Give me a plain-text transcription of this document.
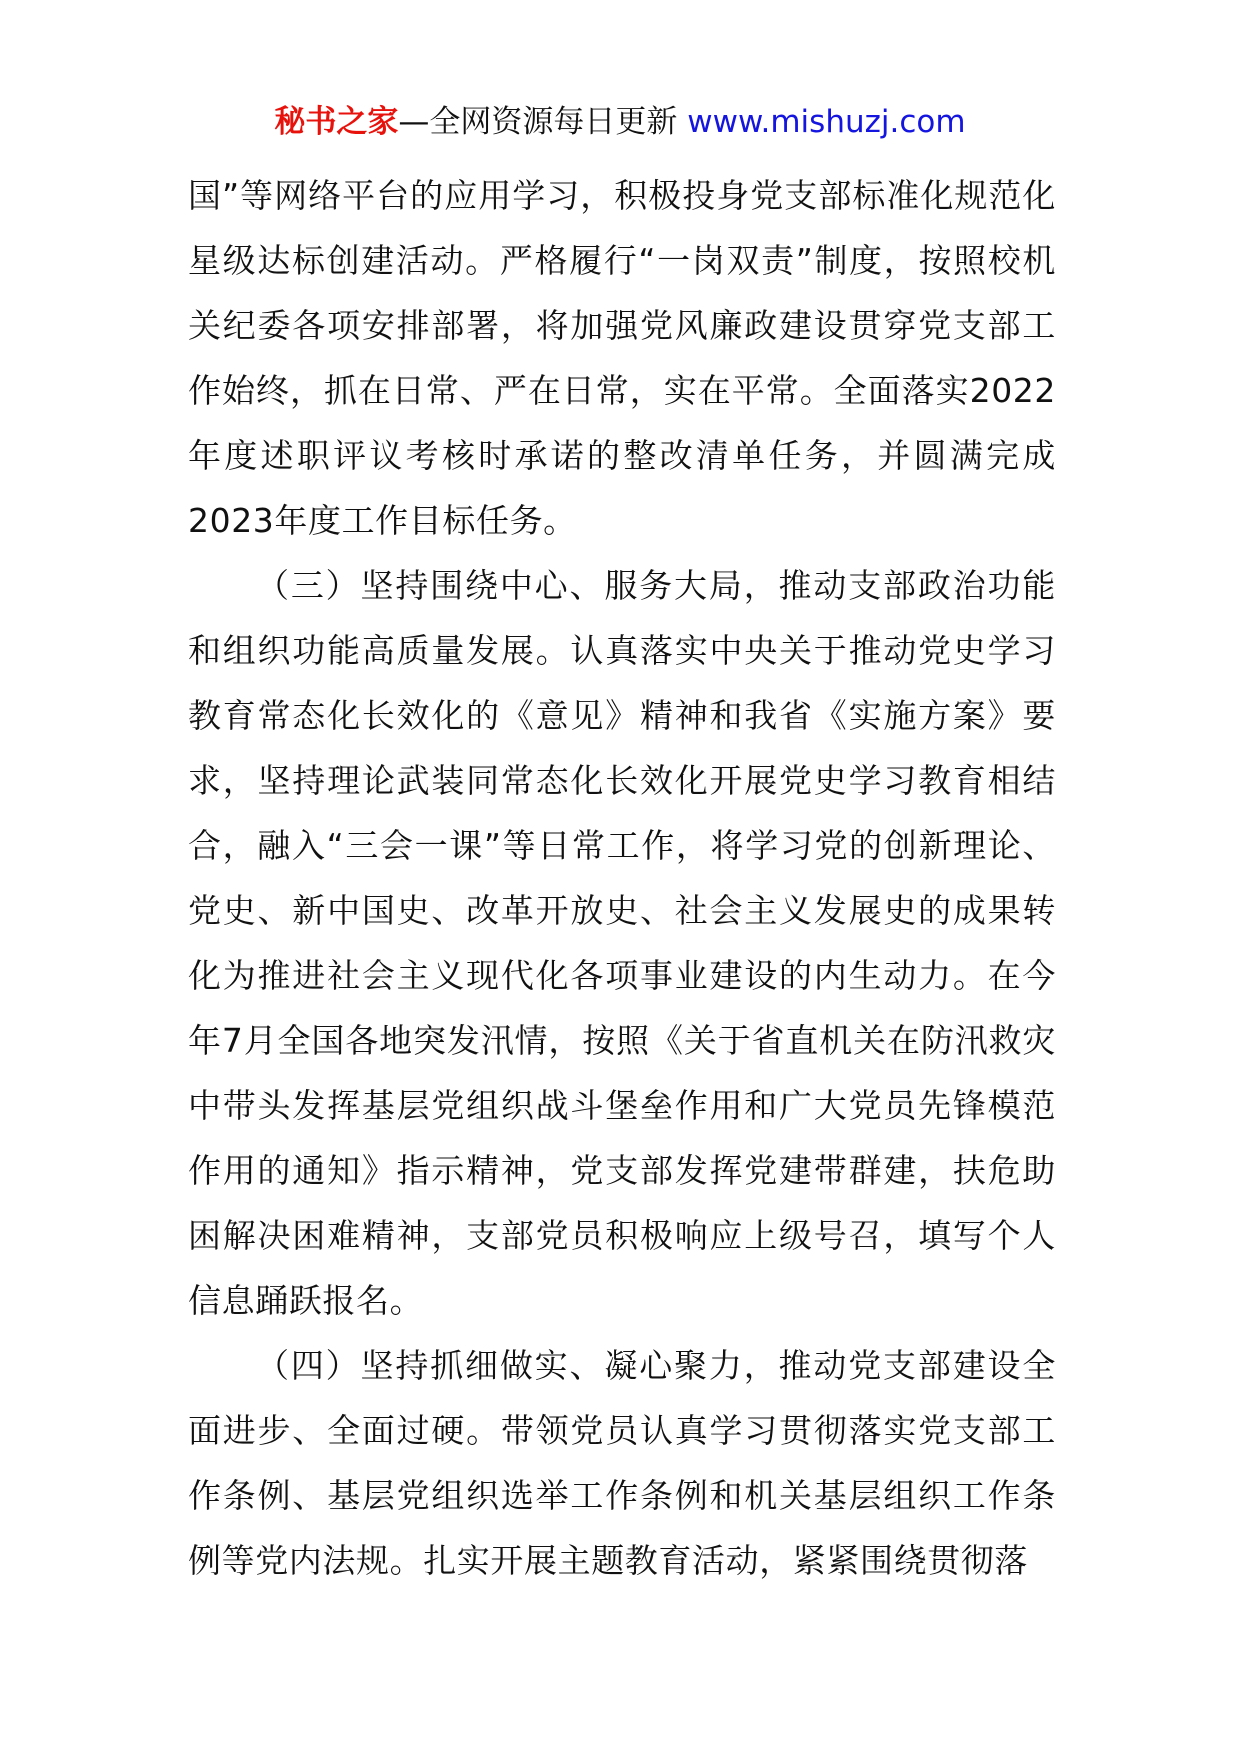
秘书之家—全网资源每日更新 www.mishuzj.com

国”等网络平台的应用学习，积极投身党支部标准化规范化星级达标创建活动。严格履行“一岗双责”制度，按照校机关纪委各项安排部署，将加强党风廉政建设贯穿党支部工作始终，抓在日常、严在日常，实在平常。全面落实2022年度述职评议考核时承诺的整改清单任务，并圆满完成2023年度工作目标任务。

（三）坚持围绕中心、服务大局，推动支部政治功能和组织功能高质量发展。认真落实中央关于推动党史学习教育常态化长效化的《意见》精神和我省《实施方案》要求，坚持理论武装同常态化长效化开展党史学习教育相结合，融入“三会一课”等日常工作，将学习党的创新理论、党史、新中国史、改革开放史、社会主义发展史的成果转化为推进社会主义现代化各项事业建设的内生动力。在今年7月全国各地突发汛情，按照《关于省直机关在防汛救灾中带头发挥基层党组织战斗堡垒作用和广大党员先锋模范作用的通知》指示精神，党支部发挥党建带群建，扶危助困解决困难精神，支部党员积极响应上级号召，填写个人信息踊跃报名。

（四）坚持抓细做实、凝心聚力，推动党支部建设全面进步、全面过硬。带领党员认真学习贯彻落实党支部工作条例、基层党组织选举工作条例和机关基层组织工作条例等党内法规。扎实开展主题教育活动，紧紧围绕贯彻落
